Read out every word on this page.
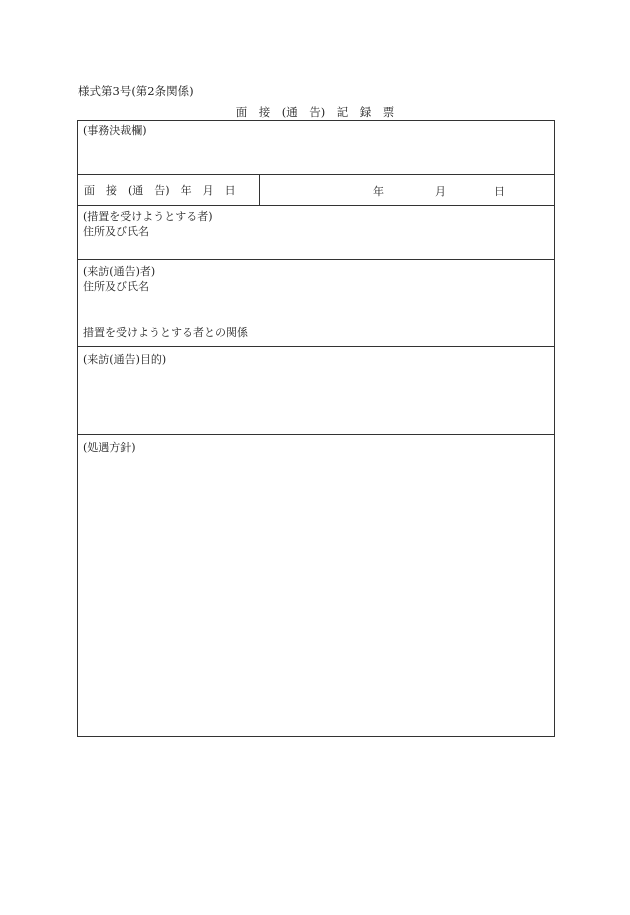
様式第3号(第2条関係)
面　接　(通　告)　記　録　票
(事務決裁欄)
面　接　(通　告)　年　月　日	年	月	日
(措置を受けようとする者)
住所及び氏名
(来訪(通告)者)
住所及び氏名
措置を受けようとする者との関係
(来訪(通告)目的)
(処遇方針)
